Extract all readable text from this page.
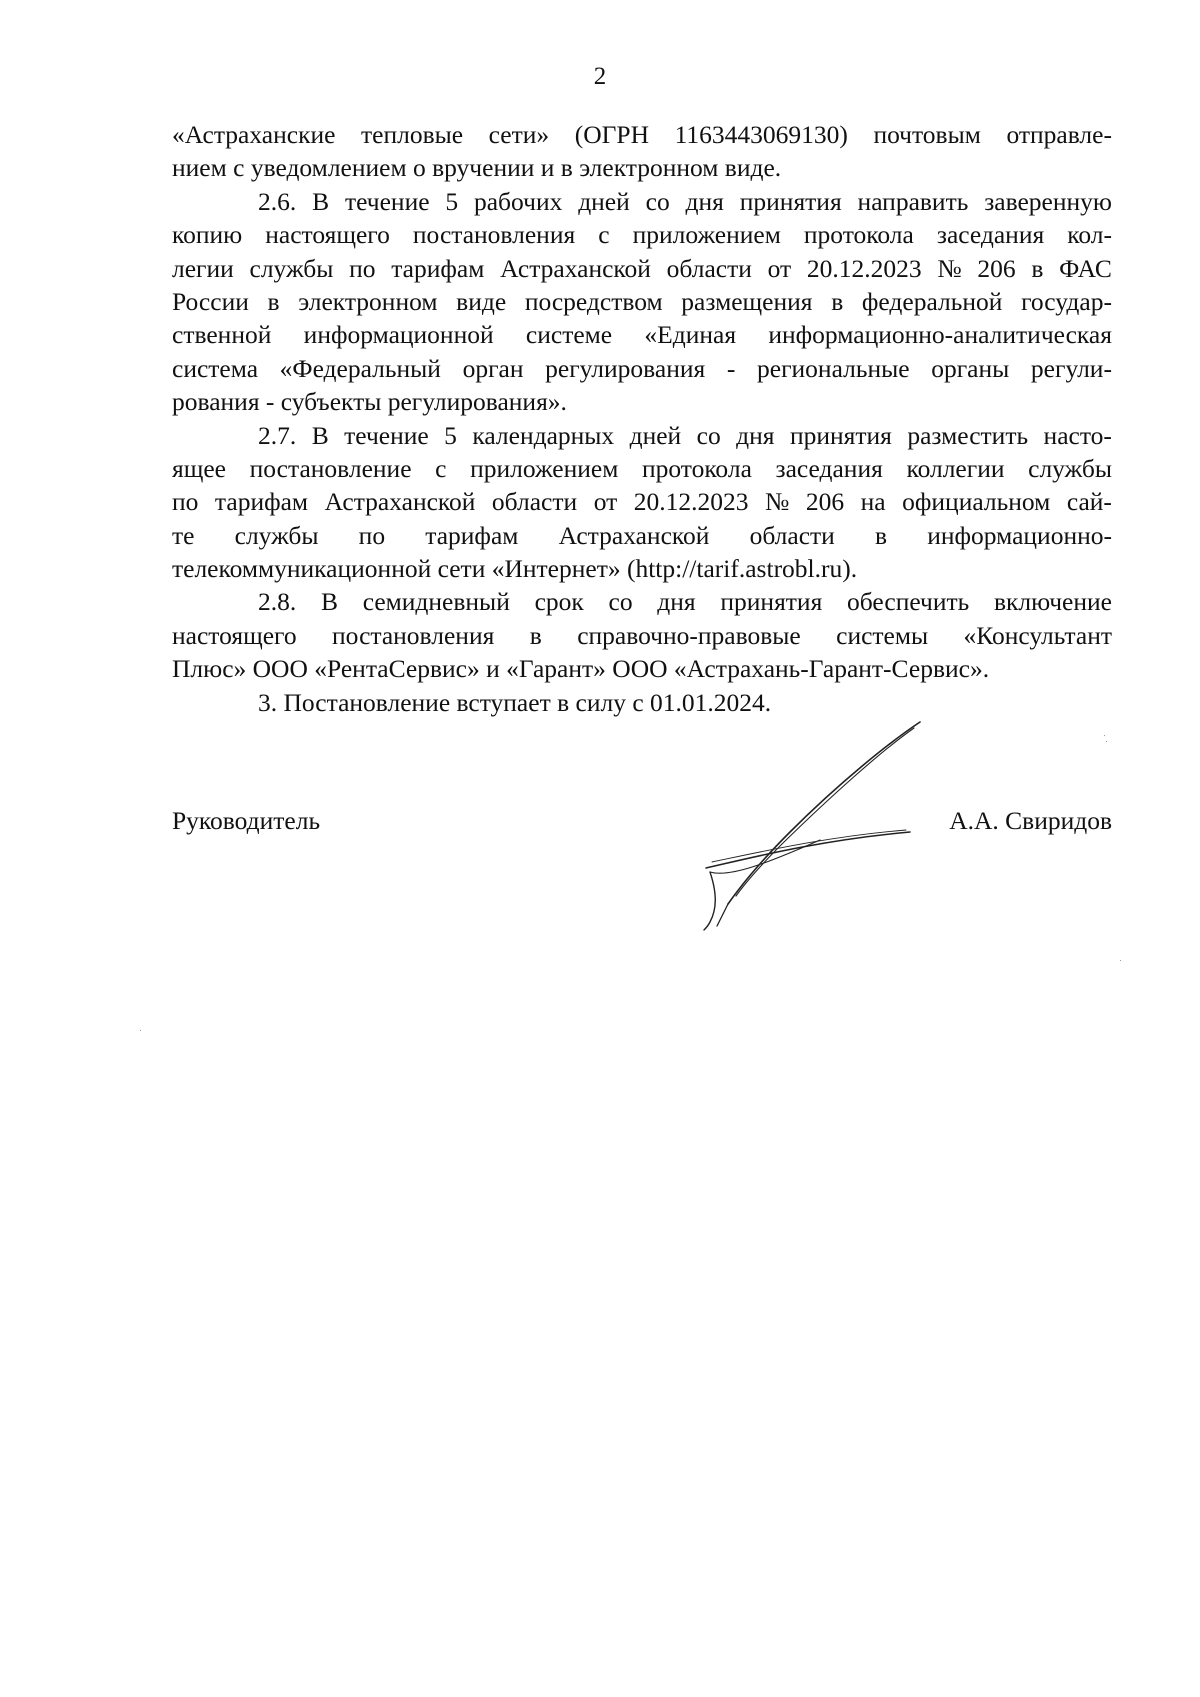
2
«Астраханские тепловые сети» (ОГРН 1163443069130) почтовым отправле-
нием с уведомлением о вручении и в электронном виде.
2.6. В течение 5 рабочих дней со дня принятия направить заверенную
копию настоящего постановления с приложением протокола заседания кол-
легии службы по тарифам Астраханской области от 20.12.2023 № 206 в ФАС
России в электронном виде посредством размещения в федеральной государ-
ственной информационной системе «Единая информационно-аналитическая
система «Федеральный орган регулирования - региональные органы регули-
рования - субъекты регулирования».
2.7. В течение 5 календарных дней со дня принятия разместить насто-
ящее постановление с приложением протокола заседания коллегии службы
по тарифам Астраханской области от 20.12.2023 № 206 на официальном сай-
те службы по тарифам Астраханской области в информационно-
телекоммуникационной сети «Интернет» (http://tarif.astrobl.ru).
2.8. В семидневный срок со дня принятия обеспечить включение
настоящего постановления в справочно-правовые системы «Консультант
Плюс» ООО «РентаСервис» и «Гарант» ООО «Астрахань-Гарант-Сервис».
3. Постановление вступает в силу с 01.01.2024.
Руководитель	А.А. Свиридов
